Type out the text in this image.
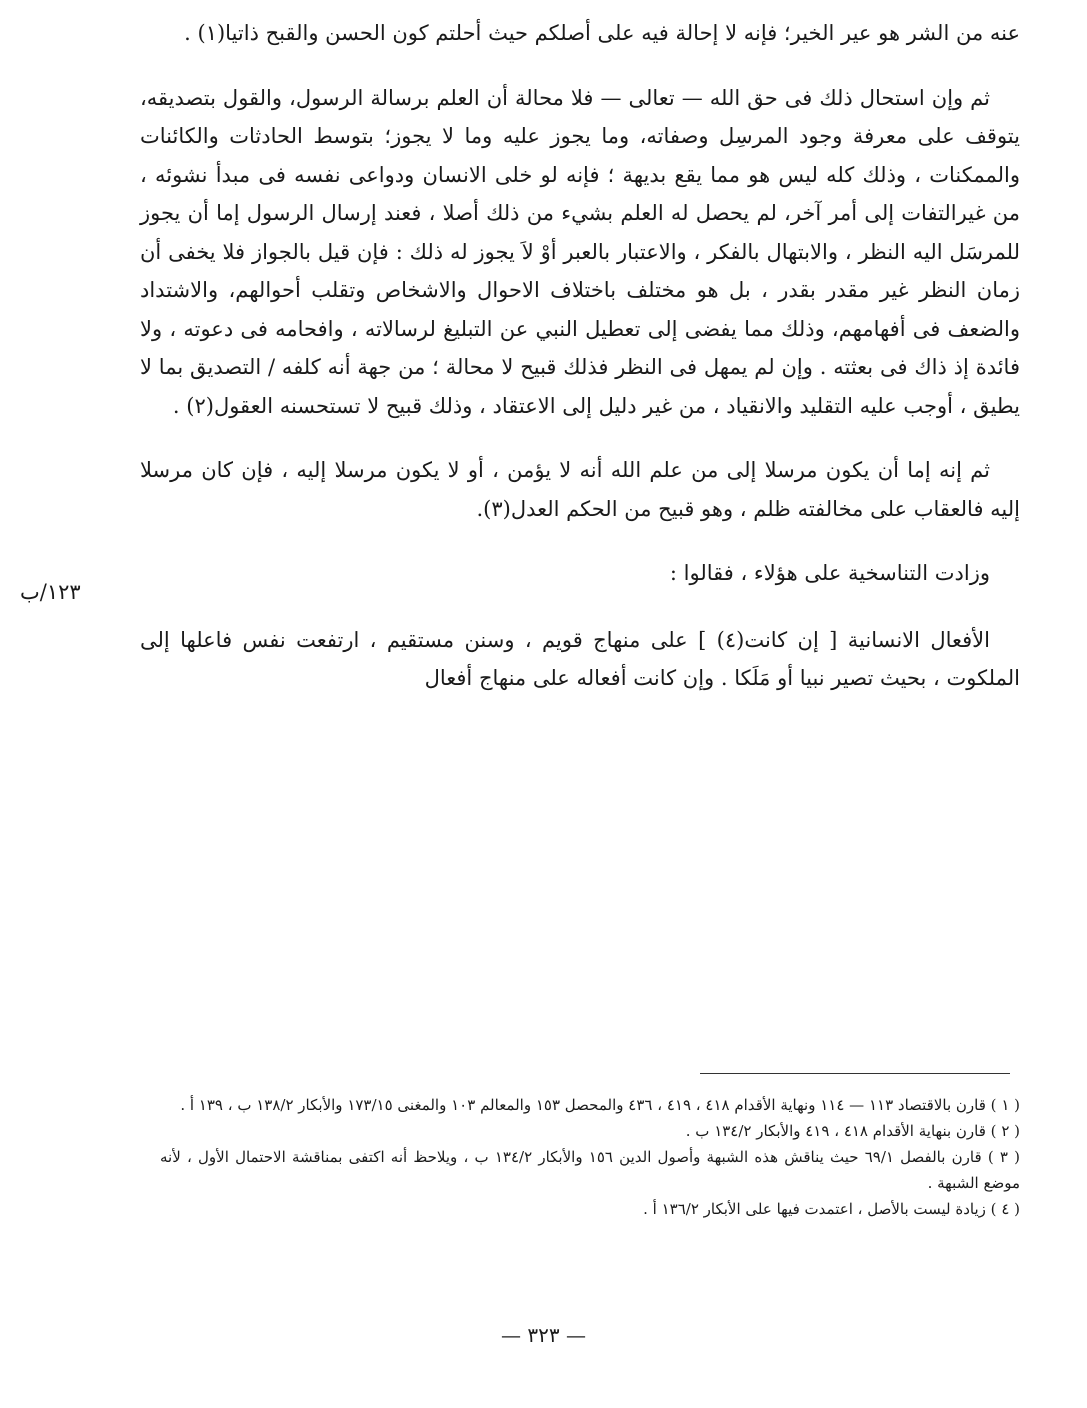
عنه من الشر هو عير الخير؛ فإنه لا إحالة فيه على أصلكم حيث أحلتم كون الحسن والقبح ذاتيا(١) .

ثم وإن استحال ذلك فى حق الله — تعالى — فلا محالة أن العلم برسالة الرسول، والقول بتصديقه، يتوقف على معرفة وجود المرسِل وصفاته، وما يجوز عليه وما لا يجوز؛ بتوسط الحادثات والكائنات والممكنات ، وذلك كله ليس هو مما يقع بديهة ؛ فإنه لو خلى الانسان ودواعى نفسه فى مبدأ نشوئه ، من غيرالتفات إلى أمر آخر، لم يحصل له العلم بشيء من ذلك أصلا ، فعند إرسال الرسول إما أن يجوز للمرسَل اليه النظر ، والابتهال بالفكر ، والاعتبار بالعبر أوْ لاَ يجوز له ذلك : فإن قيل بالجواز فلا يخفى أن زمان النظر غير مقدر بقدر ، بل هو مختلف باختلاف الاحوال والاشخاص وتقلب أحوالهم، والاشتداد والضعف فى أفهامهم، وذلك مما يفضى إلى تعطيل النبي عن التبليغ لرسالاته ، وافحامه فى دعوته ، ولا فائدة إذ ذاك فى بعثته . وإن لم يمهل فى النظر فذلك قبيح لا محالة ؛ من جهة أنه كلفه / التصديق بما لا يطيق ، أوجب عليه التقليد والانقياد ، من غير دليل إلى الاعتقاد ، وذلك قبيح لا تستحسنه العقول(٢) .

ثم إنه إما أن يكون مرسلا إلى من علم الله أنه لا يؤمن ، أو لا يكون مرسلا إليه ، فإن كان مرسلا إليه فالعقاب على مخالفته ظلم ، وهو قبيح من الحكم العدل(٣).

وزادت التناسخية على هؤلاء ، فقالوا :

الأفعال الانسانية [ إن كانت(٤) ] على منهاج قويم ، وسنن مستقيم ، ارتفعت نفس فاعلها إلى الملكوت ، بحيث تصير نبيا أو مَلَكا . وإن كانت أفعاله على منهاج أفعال

١٢٣/ب

( ١ ) قارن بالاقتصاد ١١٣ — ١١٤ ونهاية الأقدام ٤١٨ ، ٤١٩ ، ٤٣٦ والمحصل ١٥٣ والمعالم ١٠٣ والمغنى ١٧٣/١٥ والأبكار ١٣٨/٢ ب ، ١٣٩ أ .

( ٢ ) قارن بنهاية الأقدام ٤١٨ ، ٤١٩ والأبكار ١٣٤/٢ ب .

( ٣ ) قارن بالفصل ٦٩/١ حيث يناقش هذه الشبهة وأصول الدين ١٥٦ والأبكار ١٣٤/٢ ب ، ويلاحظ أنه اكتفى بمناقشة الاحتمال الأول ، لأنه موضع الشبهة .

( ٤ ) زيادة ليست بالأصل ، اعتمدت فيها على الأبكار ١٣٦/٢ أ .

— ٣٢٣ —
